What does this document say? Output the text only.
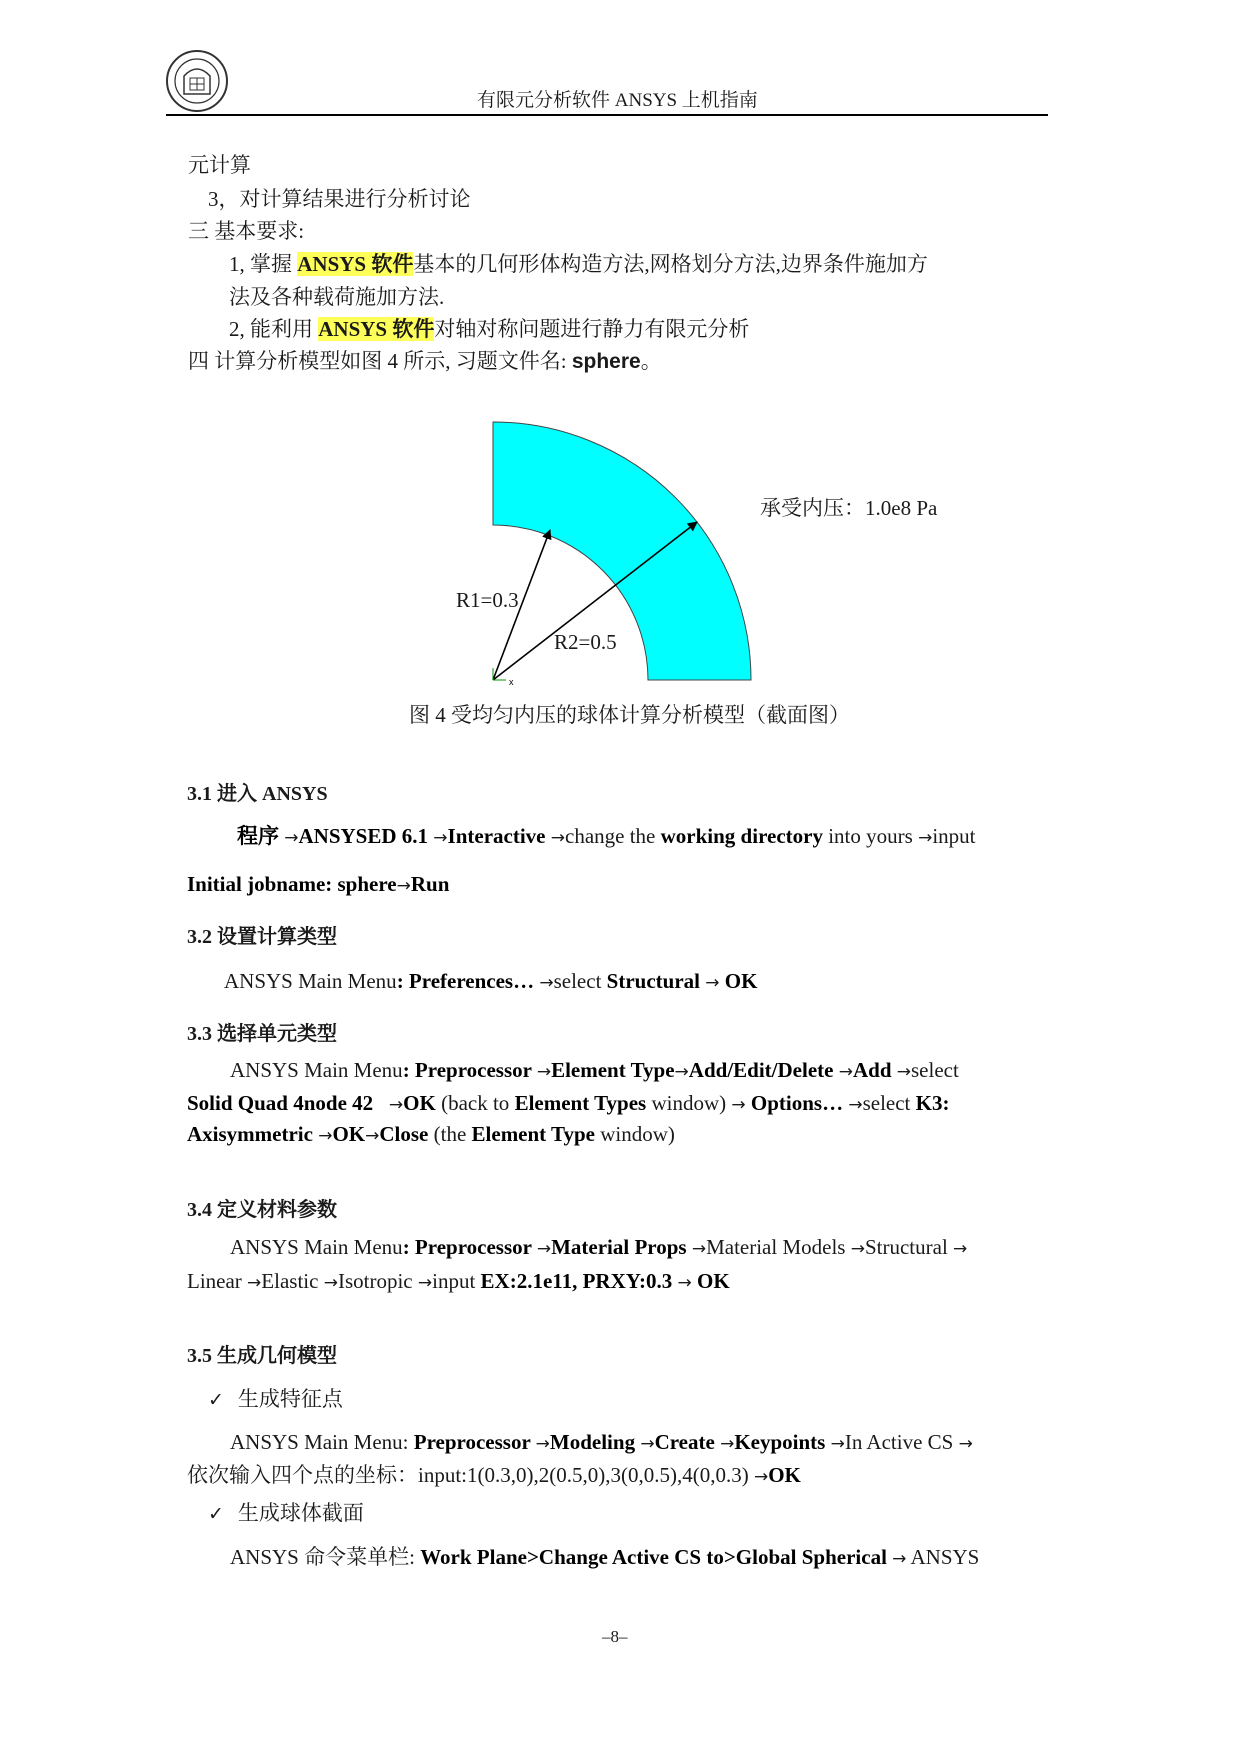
有限元分析软件 ANSYS 上机指南
元计算
3，对计算结果进行分析讨论
三 基本要求:
1, 掌握 ANSYS 软件基本的几何形体构造方法,网格划分方法,边界条件施加方
法及各种载荷施加方法.
2, 能利用 ANSYS 软件对轴对称问题进行静力有限元分析
四 计算分析模型如图 4 所示, 习题文件名: sphere。
x
承受内压：1.0e8 Pa
R1=0.3
R2=0.5
图 4 受均匀内压的球体计算分析模型（截面图）
3.1 进入 ANSYS
程序 →ANSYSED 6.1 →Interactive →change the working directory into yours →input
Initial jobname: sphere→Run
3.2 设置计算类型
ANSYS Main Menu: Preferences… →select Structural → OK
3.3 选择单元类型
ANSYS Main Menu: Preprocessor →Element Type→Add/Edit/Delete →Add →select
Solid Quad 4node 42   →OK (back to Element Types window) → Options… →select K3:
Axisymmetric →OK→Close (the Element Type window)
3.4 定义材料参数
ANSYS Main Menu: Preprocessor →Material Props →Material Models →Structural →
Linear →Elastic →Isotropic →input EX:2.1e11, PRXY:0.3 → OK
3.5 生成几何模型
✓ 生成特征点
ANSYS Main Menu: Preprocessor →Modeling →Create →Keypoints →In Active CS →
依次输入四个点的坐标：input:1(0.3,0),2(0.5,0),3(0,0.5),4(0,0.3) →OK
✓ 生成球体截面
ANSYS 命令菜单栏: Work Plane>Change Active CS to>Global Spherical → ANSYS
–8–
